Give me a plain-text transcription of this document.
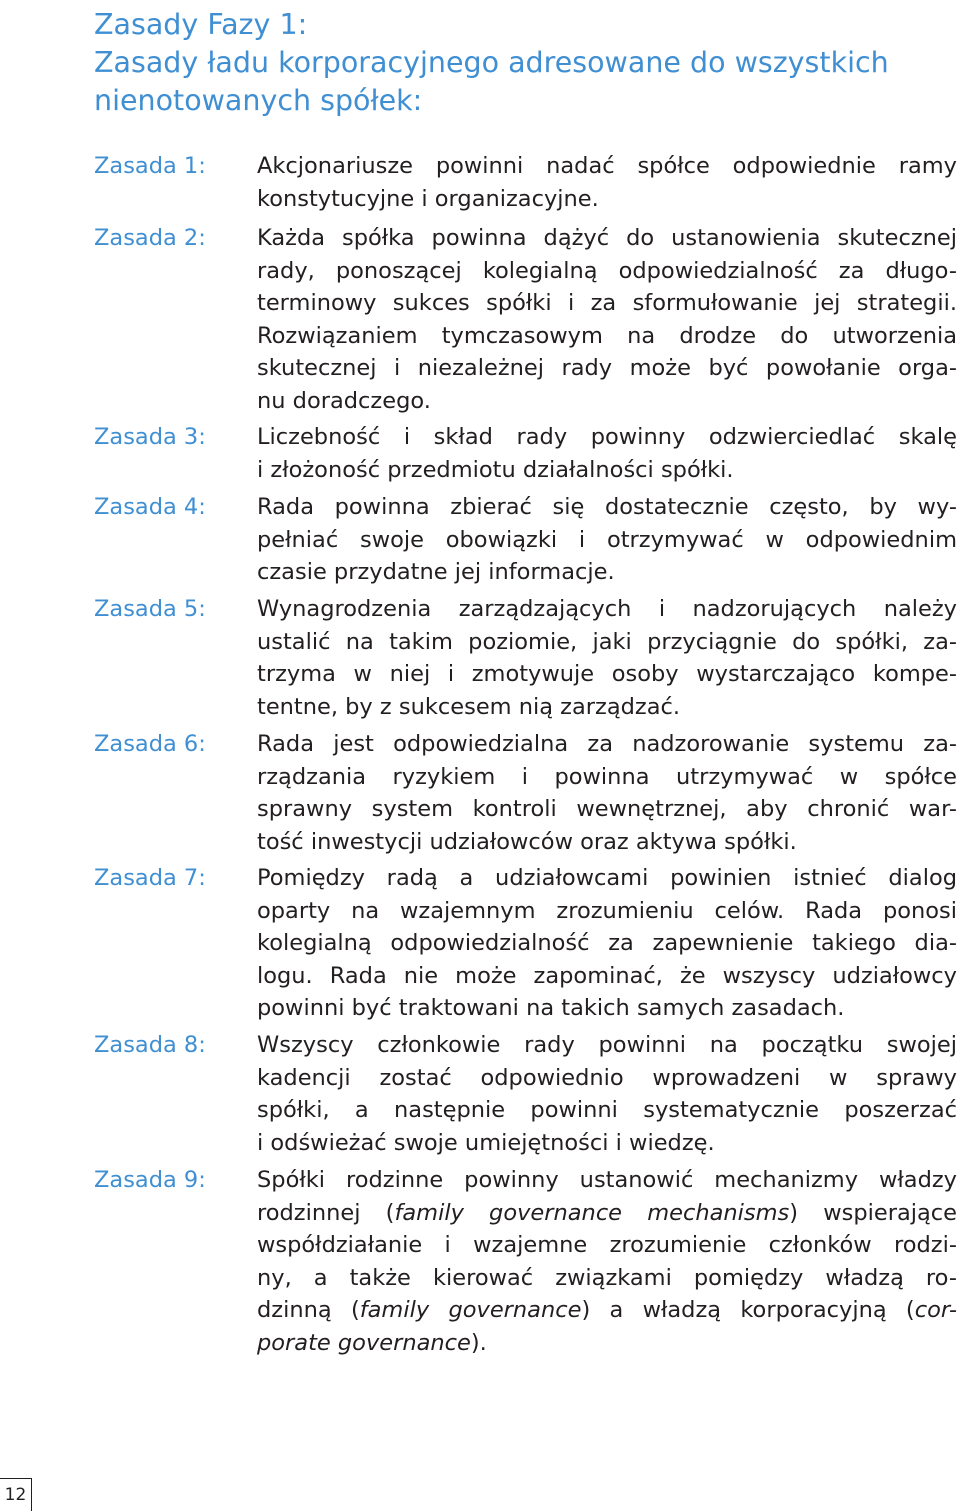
Zasady Fazy 1:
Zasady ładu korporacyjnego adresowane do wszystkich
nienotowanych spółek:
Zasada 1: Akcjonariusze powinni nadać spółce odpowiednie ramy
konstytucyjne i organizacyjne.
Zasada 2: Każda spółka powinna dążyć do ustanowienia skutecznej
rady, ponoszącej kolegialną odpowiedzialność za długo-
terminowy sukces spółki i za sformułowanie jej strategii.
Rozwiązaniem tymczasowym na drodze do utworzenia
skutecznej i niezależnej rady może być powołanie orga-
nu doradczego.
Zasada 3: Liczebność i skład rady powinny odzwierciedlać skalę
i złożoność przedmiotu działalności spółki.
Zasada 4: Rada powinna zbierać się dostatecznie często, by wy-
pełniać swoje obowiązki i otrzymywać w odpowiednim
czasie przydatne jej informacje.
Zasada 5: Wynagrodzenia zarządzających i nadzorujących należy
ustalić na takim poziomie, jaki przyciągnie do spółki, za-
trzyma w niej i zmotywuje osoby wystarczająco kompe-
tentne, by z sukcesem nią zarządzać.
Zasada 6: Rada jest odpowiedzialna za nadzorowanie systemu za-
rządzania ryzykiem i powinna utrzymywać w spółce
sprawny system kontroli wewnętrznej, aby chronić war-
tość inwestycji udziałowców oraz aktywa spółki.
Zasada 7: Pomiędzy radą a udziałowcami powinien istnieć dialog
oparty na wzajemnym zrozumieniu celów. Rada ponosi
kolegialną odpowiedzialność za zapewnienie takiego dia-
logu. Rada nie może zapominać, że wszyscy udziałowcy
powinni być traktowani na takich samych zasadach.
Zasada 8: Wszyscy członkowie rady powinni na początku swojej
kadencji zostać odpowiednio wprowadzeni w sprawy
spółki, a następnie powinni systematycznie poszerzać
i odświeżać swoje umiejętności i wiedzę.
Zasada 9: Spółki rodzinne powinny ustanowić mechanizmy władzy
rodzinnej (family governance mechanisms) wspierające
współdziałanie i wzajemne zrozumienie członków rodzi-
ny, a także kierować związkami pomiędzy władzą ro-
dzinną (family governance) a władzą korporacyjną (cor-
porate governance).
12
